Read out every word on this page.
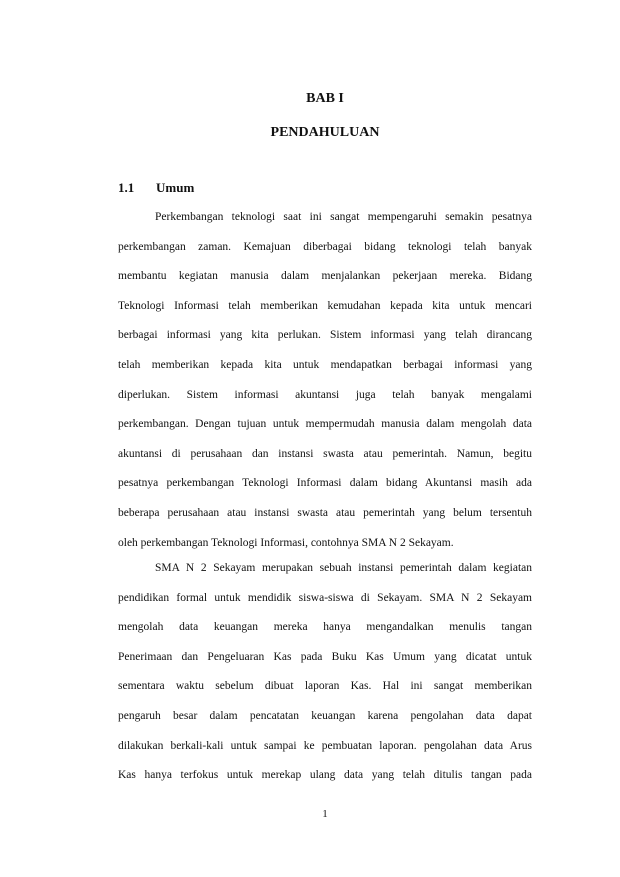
BAB I
PENDAHULUAN
1.1 Umum
Perkembangan teknologi saat ini sangat mempengaruhi semakin pesatnya
perkembangan zaman. Kemajuan diberbagai bidang teknologi telah banyak
membantu kegiatan manusia dalam menjalankan pekerjaan mereka. Bidang
Teknologi Informasi telah memberikan kemudahan kepada kita untuk mencari
berbagai informasi yang kita perlukan. Sistem informasi yang telah dirancang
telah memberikan kepada kita untuk mendapatkan berbagai informasi yang
diperlukan. Sistem informasi akuntansi juga telah banyak mengalami
perkembangan. Dengan tujuan untuk mempermudah manusia dalam mengolah data
akuntansi di perusahaan dan instansi swasta atau pemerintah. Namun, begitu
pesatnya perkembangan Teknologi Informasi dalam bidang Akuntansi masih ada
beberapa perusahaan atau instansi swasta atau pemerintah yang belum tersentuh
oleh perkembangan Teknologi Informasi, contohnya SMA N 2 Sekayam.
SMA N 2 Sekayam merupakan sebuah instansi pemerintah dalam kegiatan
pendidikan formal untuk mendidik siswa-siswa di Sekayam. SMA N 2 Sekayam
mengolah data keuangan mereka hanya mengandalkan menulis tangan
Penerimaan dan Pengeluaran Kas pada Buku Kas Umum yang dicatat untuk
sementara waktu sebelum dibuat laporan Kas. Hal ini sangat memberikan
pengaruh besar dalam pencatatan keuangan karena pengolahan data dapat
dilakukan berkali-kali untuk sampai ke pembuatan laporan. pengolahan data Arus
Kas hanya terfokus untuk merekap ulang data yang telah ditulis tangan pada
1
